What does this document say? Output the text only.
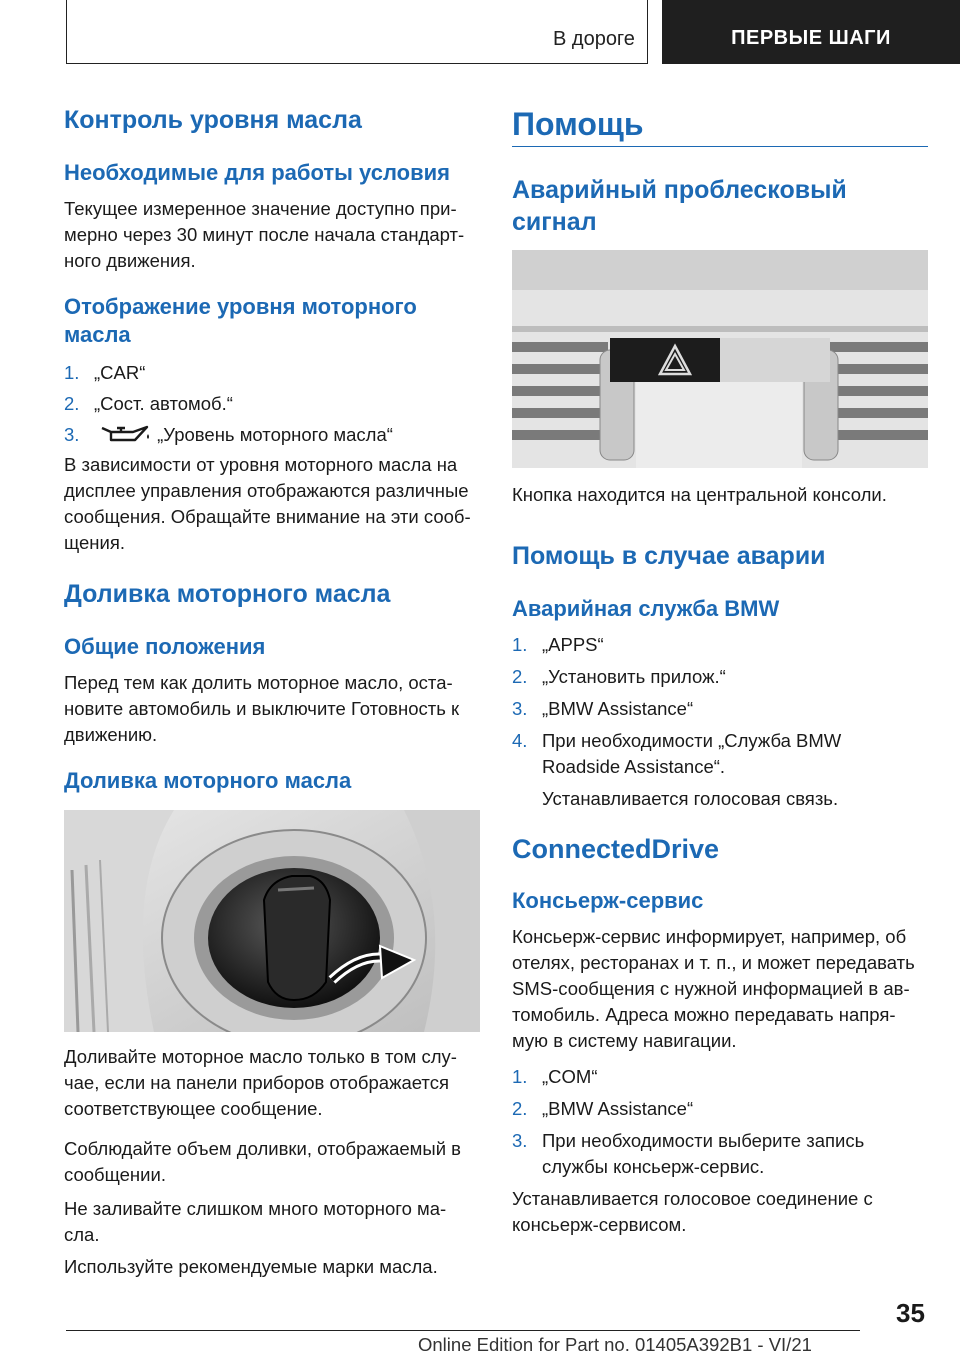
В дороге	ПЕРВЫЕ ШАГИ
Контроль уровня масла
Необходимые для работы условия
Текущее измеренное значение доступно при-
мерно через 30 минут после начала стандарт-
ного движения.
Отображение уровня моторного
масла
1. „CAR“
2. „Сост. автомоб.“
3.	„Уровень моторного масла“
В зависимости от уровня моторного масла на
дисплее управления отображаются различные
сообщения. Обращайте внимание на эти сооб-
щения.
Доливка моторного масла
Общие положения
Перед тем как долить моторное масло, оста-
новите автомобиль и выключите Готовность к
движению.
Доливка моторного масла
Доливайте моторное масло только в том слу-
чае, если на панели приборов отображается
соответствующее сообщение.
Соблюдайте объем доливки, отображаемый в
сообщении.
Не заливайте слишком много моторного ма-
сла.
Используйте рекомендуемые марки масла.
Помощь
Аварийный проблесковый
сигнал
Кнопка находится на центральной консоли.
Помощь в случае аварии
Аварийная служба BMW
1. „APPS“
2. „Установить прилож.“
3. „BMW Assistance“
4. При необходимости „Служба BMW
Roadside Assistance“.
Устанавливается голосовая связь.
ConnectedDrive
Консьерж-сервис
Консьерж-сервис информирует, например, об
отелях, ресторанах и т. п., и может передавать
SMS-сообщения с нужной информацией в ав-
томобиль. Адреса можно передавать напря-
мую в систему навигации.
1. „COM“
2. „BMW Assistance“
3. При необходимости выберите запись
службы консьерж-сервис.
Устанавливается голосовое соединение с
консьерж-сервисом.
35
Online Edition for Part no. 01405A392B1 - VI/21
